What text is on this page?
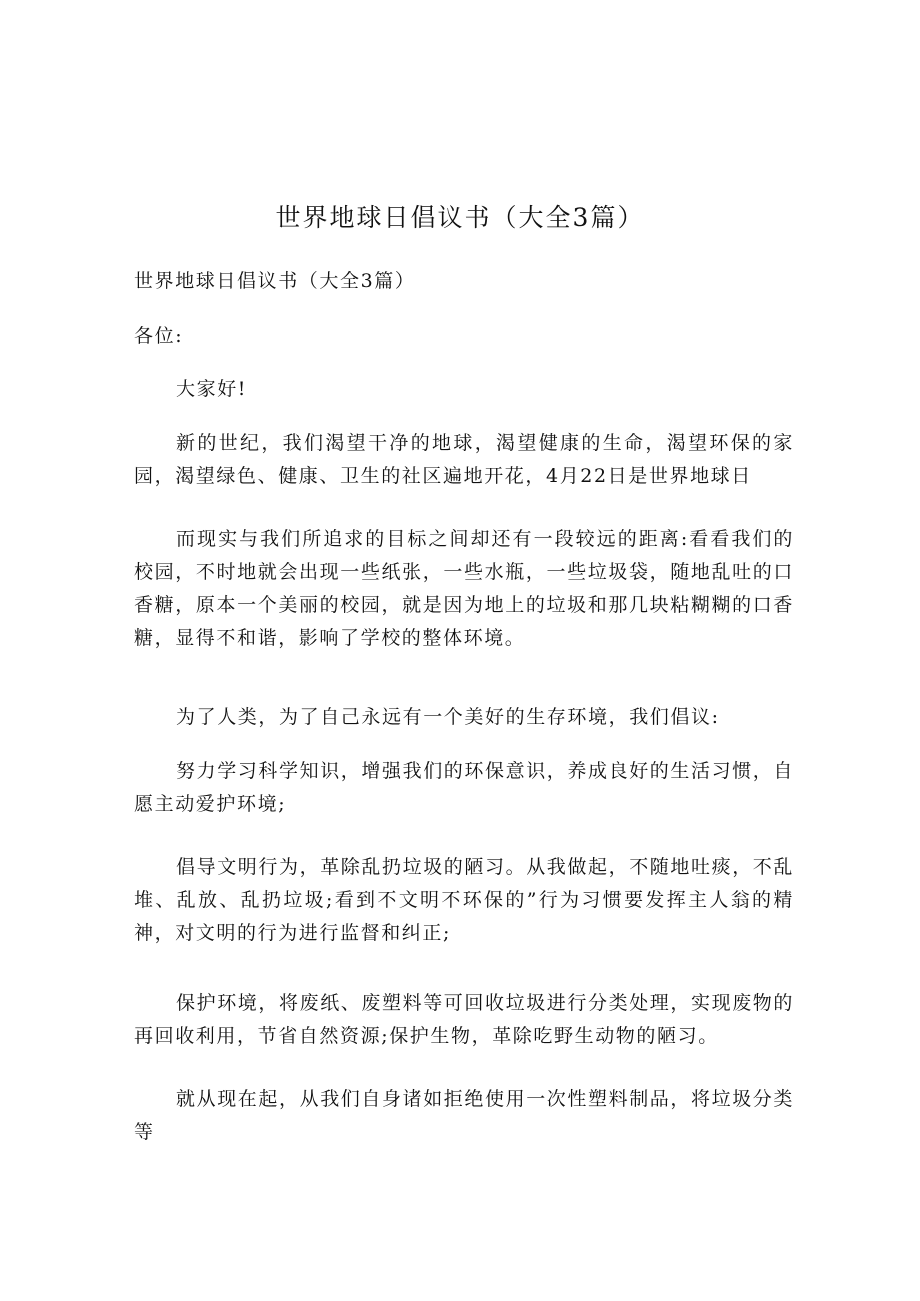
世界地球日倡议书（大全3篇）

世界地球日倡议书（大全3篇）

各位:

大家好!

新的世纪，我们渴望干净的地球，渴望健康的生命，渴望环保的家园，渴望绿色、健康、卫生的社区遍地开花，4月22日是世界地球日

而现实与我们所追求的目标之间却还有一段较远的距离:看看我们的校园，不时地就会出现一些纸张，一些水瓶，一些垃圾袋，随地乱吐的口香糖，原本一个美丽的校园，就是因为地上的垃圾和那几块粘糊糊的口香糖，显得不和谐，影响了学校的整体环境。

为了人类，为了自己永远有一个美好的生存环境，我们倡议:

努力学习科学知识，增强我们的环保意识，养成良好的生活习惯，自愿主动爱护环境;

倡导文明行为，革除乱扔垃圾的陋习。从我做起，不随地吐痰，不乱堆、乱放、乱扔垃圾;看到不文明不环保的”行为习惯要发挥主人翁的精神，对文明的行为进行监督和纠正;

保护环境，将废纸、废塑料等可回收垃圾进行分类处理，实现废物的再回收利用，节省自然资源;保护生物，革除吃野生动物的陋习。

就从现在起，从我们自身诸如拒绝使用一次性塑料制品，将垃圾分类等
